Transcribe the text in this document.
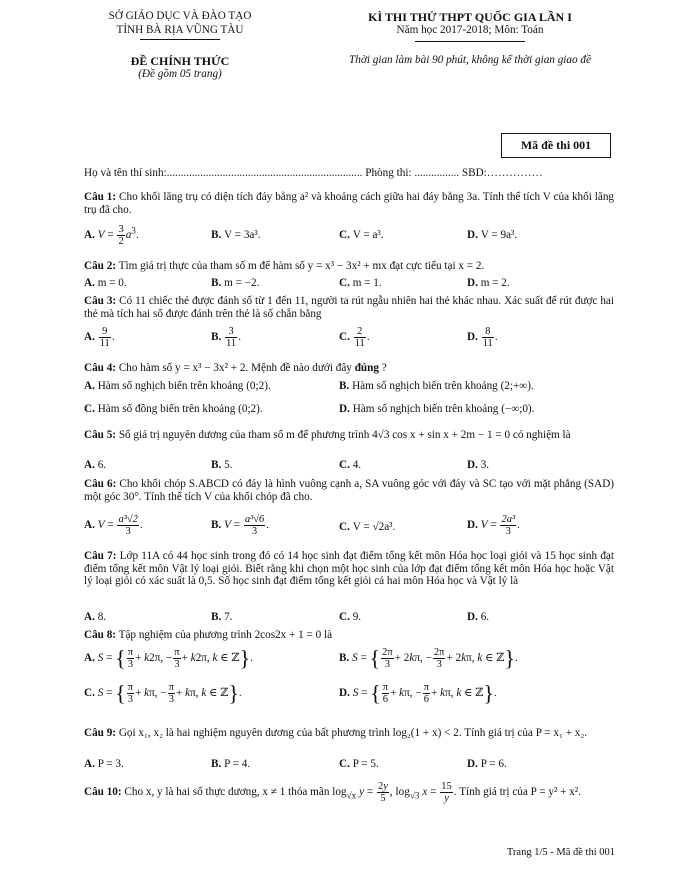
SỞ GIÁO DỤC VÀ ĐÀO TẠO
TỈNH BÀ RỊA VŨNG TÀU
ĐỀ CHÍNH THỨC
(Đề gồm 05 trang)
KÌ THI THỬ THPT QUỐC GIA LẦN I
Năm học 2017-2018; Môn: Toán
Thời gian làm bài 90 phút, không kể thời gian giao đề
Mã đề thi 001
Họ và tên thí sinh:...................................................................... Phòng thi: ................ SBD:……………
Câu 1: Cho khối lăng trụ có diện tích đáy bằng a² và khoảng cách giữa hai đáy bằng 3a. Tính thể tích V của khối lăng trụ đã cho.
A. $V = \frac{3}{2} a^3$.	B. V = 3a³.	C. V = a³.	D. V = 9a³.
Câu 2: Tìm giá trị thực của tham số m để hàm số y = x³ − 3x² + mx đạt cực tiểu tại x = 2.
A. m = 0.	B. m = −2.	C. m = 1.	D. m = 2.
Câu 3: Có 11 chiếc thẻ được đánh số từ 1 đến 11, người ta rút ngẫu nhiên hai thẻ khác nhau. Xác suất để rút được hai thẻ mà tích hai số được đánh trên thẻ là số chẵn bằng
A. $\frac{9}{11}$ .	B. $\frac{3}{11}$ .	C. $\frac{2}{11}$ .	D. $\frac{8}{11}$ .
Câu 4: Cho hàm số y = x³ − 3x² + 2. Mệnh đề nào dưới đây đúng ?
A. Hàm số nghịch biến trên khoảng (0;2).	B. Hàm số nghịch biến trên khoảng (2;+∞).
C. Hàm số đồng biến trên khoảng (0;2).	D. Hàm số nghịch biến trên khoảng (−∞;0).
Câu 5: Số giá trị nguyên dương của tham số m để phương trình 4√3 cos x + sin x + 2m − 1 = 0 có nghiệm là
A. 6.	B. 5.	C. 4.	D. 3.
Câu 6: Cho khối chóp S.ABCD có đáy là hình vuông cạnh a, SA vuông góc với đáy và SC tạo với mặt phẳng (SAD) một góc 30°. Tính thể tích V của khối chóp đã cho.
A. $V = \frac{\text{a³√2}}{3}$ .	B. $V = \frac{\text{a³√6}}{3}$ .	C. V = √2a³.	D. $V = \frac{\text{2a³}}{3}$ .
Câu 7: Lớp 11A có 44 học sinh trong đó có 14 học sinh đạt điểm tổng kết môn Hóa học loại giỏi và 15 học sinh đạt điểm tổng kết môn Vật lý loại giỏi. Biết rằng khi chọn một học sinh của lớp đạt điểm tổng kết môn Hóa học hoặc Vật lý loại giỏi có xác suất là 0,5. Số học sinh đạt điểm tổng kết giỏi cả hai môn Hóa học và Vật lý là
A. 8.	B. 7.	C. 9.	D. 6.
Câu 8: Tập nghiệm của phương trình 2cos2x + 1 = 0 là
A. S = { $\frac{\pi}{3} + k2\pi$, − $\frac{\pi}{3} + k2\pi$, k ∈ ℤ}.	B. S = { $\frac{2\pi}{3} + 2k\pi$, − $\frac{2\pi}{3} + 2k\pi$, k ∈ ℤ}.
C. S = { $\frac{\pi}{3} + k\pi$, − $\frac{\pi}{3} + k\pi$, k ∈ ℤ}.	D. S = { $\frac{\pi}{6} + k\pi$, − $\frac{\pi}{6} + k\pi$, k ∈ ℤ}.
Câu 9: Gọi x₁, x₂ là hai nghiệm nguyên dương của bất phương trình log₂(1 + x) < 2. Tính giá trị của P = x₁ + x₂.
A. P = 3.	B. P = 4.	C. P = 5.	D. P = 6.
Câu 10: Cho x, y là hai số thực dương, x ≠ 1 thỏa mãn $\log_{√x} y = \frac{2y}{5}$ , $\log_{√3} x = \frac{15}{y}$ . Tính giá trị của P = y² + x².
Trang 1/5 - Mã đề thi 001
